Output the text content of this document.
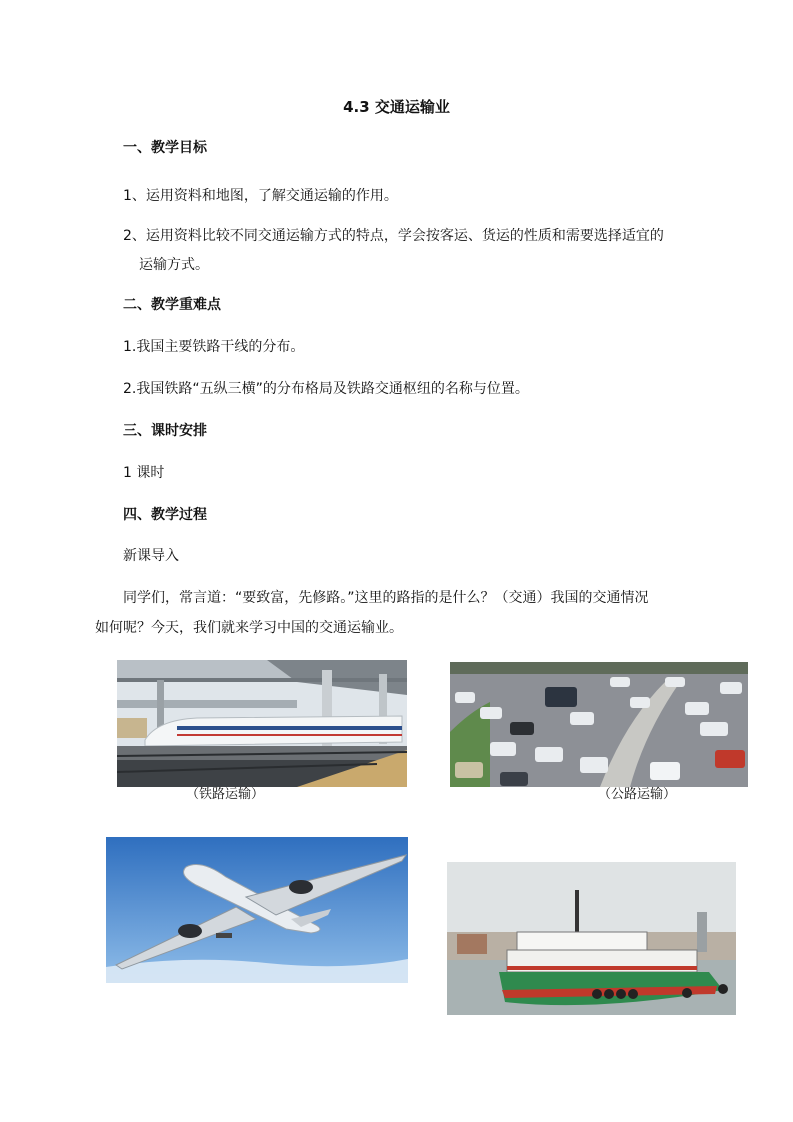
4.3 交通运输业
一、教学目标
1、运用资料和地图，了解交通运输的作用。
2、运用资料比较不同交通运输方式的特点，学会按客运、货运的性质和需要选择适宜的
运输方式。
二、教学重难点
1.我国主要铁路干线的分布。
2.我国铁路“五纵三横”的分布格局及铁路交通枢纽的名称与位置。
三、课时安排
1 课时
四、教学过程
新课导入
同学们，常言道：“要致富，先修路。”这里的路指的是什么？（交通）我国的交通情况
如何呢？今天，我们就来学习中国的交通运输业。
（铁路运输）	（公路运输）
